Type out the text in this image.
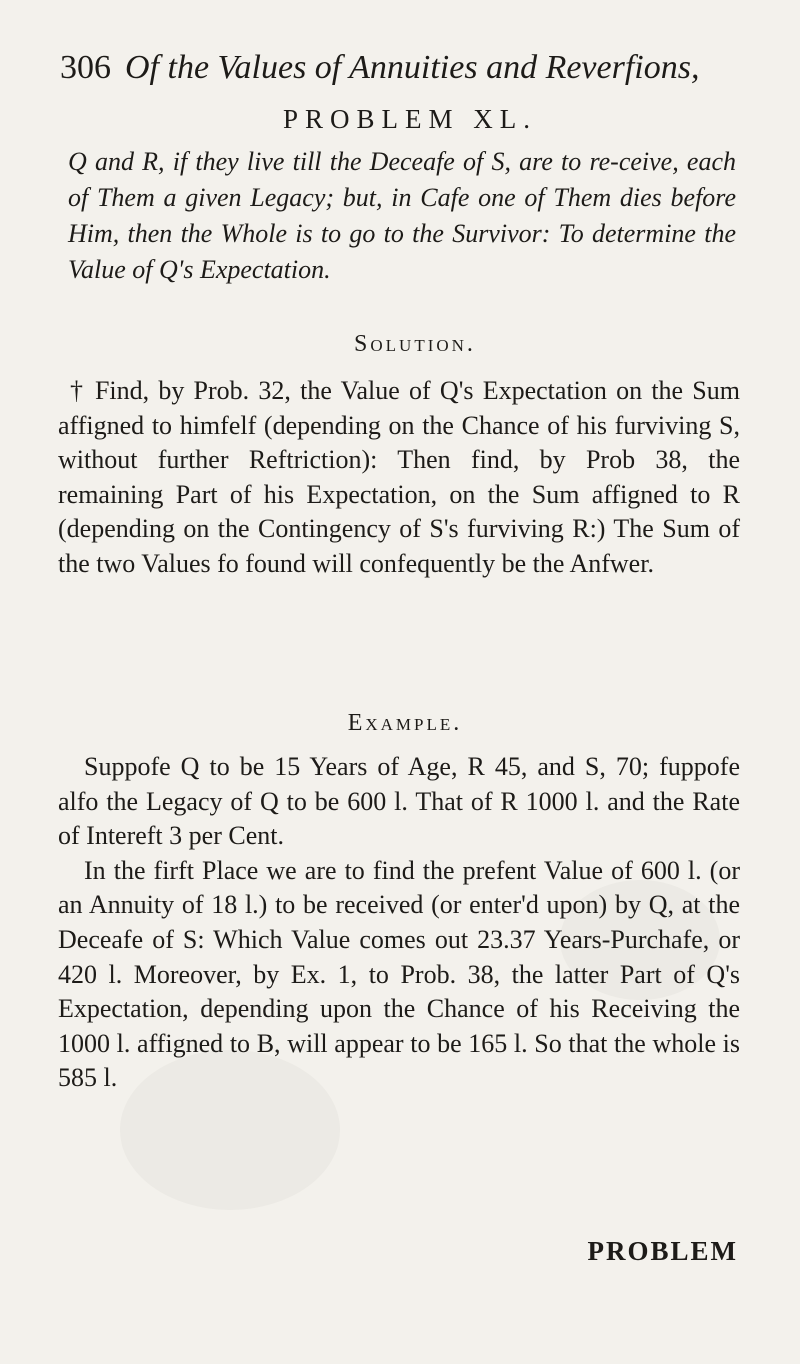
306 Of the Values of Annuities and Reverfions,
PROBLEM XL.
Q and R, if they live till the Deceafe of S, are to re-ceive, each of Them a given Legacy; but, in Cafe one of Them dies before Him, then the Whole is to go to the Survivor: To determine the Value of Q's Expectation.
Solution.
† Find, by Prob. 32, the Value of Q's Expectation on the Sum affigned to himfelf (depending on the Chance of his furviving S, without further Reftriction): Then find, by Prob 38, the remaining Part of his Expectation, on the Sum affigned to R (depending on the Contingency of S's furviving R:) The Sum of the two Values fo found will confequently be the Anfwer.
Example.
Suppofe Q to be 15 Years of Age, R 45, and S, 70; fuppofe alfo the Legacy of Q to be 600 l. That of R 1000 l. and the Rate of Intereft 3 per Cent.
In the firft Place we are to find the prefent Value of 600 l. (or an Annuity of 18 l.) to be received (or enter'd upon) by Q, at the Deceafe of S: Which Value comes out 23.37 Years-Purchafe, or 420 l. Moreover, by Ex. 1, to Prob. 38, the latter Part of Q's Expectation, depending upon the Chance of his Receiving the 1000 l. affigned to B, will appear to be 165 l. So that the whole is 585 l.
PROBLEM
